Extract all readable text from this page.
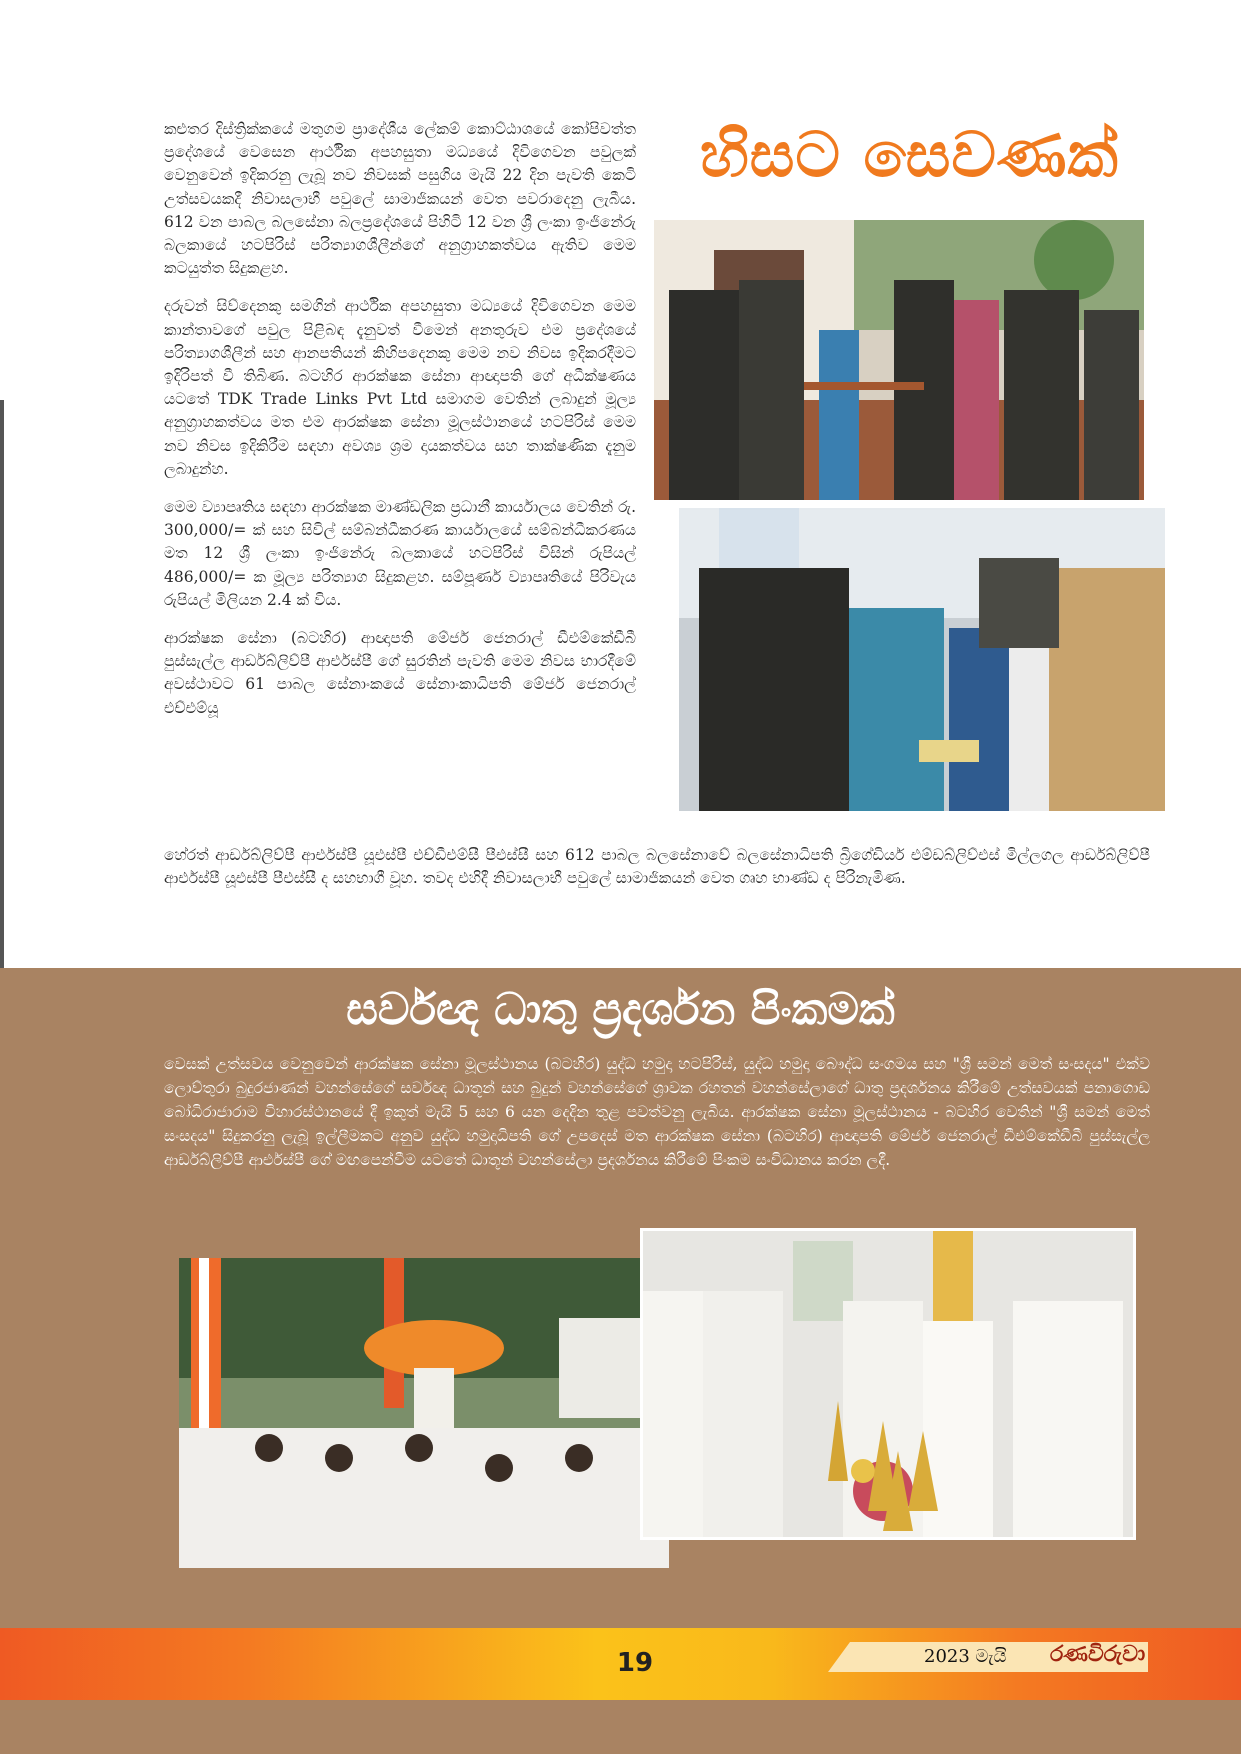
හිසට සෙවණක්

කළුතර දිස්ත්‍රික්කයේ මතුගම ප්‍රාදේශීය ලේකම් කොට්ඨාශයේ කෝපිවත්ත ප්‍රදේශයේ වෙසෙන ආර්ථික අපහසුතා මධ්‍යයේ දිවිගෙවන පවුලක් වෙනුවෙන් ඉදිකරනු ලැබූ නව නිවසක් පසුගිය මැයි 22 දින පැවති කෙටි උත්සවයකදී නිවාසලාභී පවුලේ සාමාජිකයන් වෙත පවරාදෙනු ලැබීය. 612 වන පාබල බලසේනා බලප්‍රදේශයේ පිහිටි 12 වන ශ්‍රී ලංකා ඉංජිනේරු බලකායේ හටපිරිස් පරිත්‍යාගශීලීන්ගේ අනුග්‍රාහකත්වය ඇතිව මෙම කටයුත්ත සිදුකළහ.

දරුවන් සිව්දෙනකු සමගින් ආර්ථික අපහසුතා මධ්‍යයේ දිවිගෙවන මෙම කාන්තාවගේ පවුල පිළිබඳ දැනුවත් වීමෙන් අනතුරුව එම ප්‍රදේශයේ පරිත්‍යාගශීලීන් සහ ආනපතියන් කිහිපදෙනකු මෙම නව නිවස ඉදිකරදීමට ඉදිරිපත් වී තිබිණ. බටහිර ආරක්ෂක සේනා ආඥාපති ගේ අධීක්ෂණය යටතේ TDK Trade Links Pvt Ltd සමාගම වෙතින් ලබාදුන් මූල්‍ය අනුග්‍රාහකත්වය මත එම ආරක්ෂක සේනා මූලස්ථානයේ හටපිරිස් මෙම නව නිවස ඉදිකිරීම සඳහා අවශ්‍ය ශ්‍රම දායකත්වය සහ තාක්ෂණික දැනුම ලබාදුන්හ.

මෙම ව්‍යාපෘතිය සඳහා ආරක්ෂක මාණ්ඩලික ප්‍රධානී කාර්යාලය වෙතින් රු. 300,000/= ක් සහ සිවිල් සම්බන්ධීකරණ කාර්යාලයේ සම්බන්ධීකරණය මත 12 ශ්‍රී ලංකා ඉංජිනේරු බලකායේ හටපිරිස් විසින් රුපියල් 486,000/= ක මූල්‍ය පරිත්‍යාග සිදුකළහ. සම්පූර්ණ ව්‍යාපෘතියේ පිරිවැය රුපියල් මිලියන 2.4 ක් විය.

ආරක්ෂක සේනා (බටහිර) ආඥාපති මේජර් ජෙනරාල් ඩීඑම්කේඩීබී පුස්සැල්ල ආර්ඩබ්ලිව්පී ආර්එස්පී ගේ සුරතින් පැවති මෙම නිවස භාරදීමේ අවස්ථාවට 61 පාබල සේනාංකයේ සේනාංකාධිපති මේජර් ජෙනරාල් එච්එම්යූ

හේරත් ආර්ඩබ්ලිව්පී ආර්එස්පී යූඑස්පී එච්ඩීඑම්සී පීඑස්සී සහ 612 පාබල බලසේනාවේ බලසේනාධිපති බ්‍රිගේඩියර් එම්ඩබ්ලිව්එස් මිල්ලගල ආර්ඩබ්ලිව්පී ආර්එස්පී යූඑස්පී පීඑස්සී ද සහභාගී වූහ. තවද එහිදී නිවාසලාභී පවුලේ සාමාජිකයන් වෙත ගෘහ භාණ්ඩ ද පිරිනැමිණ.

සර්වඥ ධාතු ප්‍රදර්ශන පිංකමක්

වෙසක් උත්සවය වෙනුවෙන් ආරක්ෂක සේනා මූලස්ථානය (බටහිර) යුද්ධ හමුදා හටපිරිස්, යුද්ධ හමුදා බෞද්ධ සංගමය සහ "ශ්‍රී සමන් මෙත් සංසදය" එක්ව ලොව්තුරා බුදුරජාණන් වහන්සේගේ සර්වඥ ධාතූන් සහ බුදුන් වහන්සේගේ ශ්‍රාවක රහතන් වහන්සේලාගේ ධාතු ප්‍රදර්ශනය කිරීමේ උත්සවයක් පනාගොඩ බෝධිරාජාරාම විහාරස්ථානයේ දී ඉකුත් මැයි 5 සහ 6 යන දෙදින තුළ පවත්වනු ලැබීය. ආරක්ෂක සේනා මූලස්ථානය - බටහිර වෙතින් "ශ්‍රී සමන් මෙත් සංසදය" සිදුකරනු ලැබූ ඉල්ලීමකට අනුව යුද්ධ හමුදාධිපති ගේ උපදෙස් මත ආරක්ෂක සේනා (බටහිර) ආඥාපති මේජර් ජෙනරාල් ඩීඑම්කේඩීබී පුස්සැල්ල ආර්ඩබ්ලිව්පී ආර්එස්පී ගේ මඟපෙන්වීම යටතේ ධාතූන් වහන්සේලා ප්‍රදර්ශනය කිරීමේ පිංකම සංවිධානය කරන ලදී.

19	2023 මැයි රණවිරුවා
